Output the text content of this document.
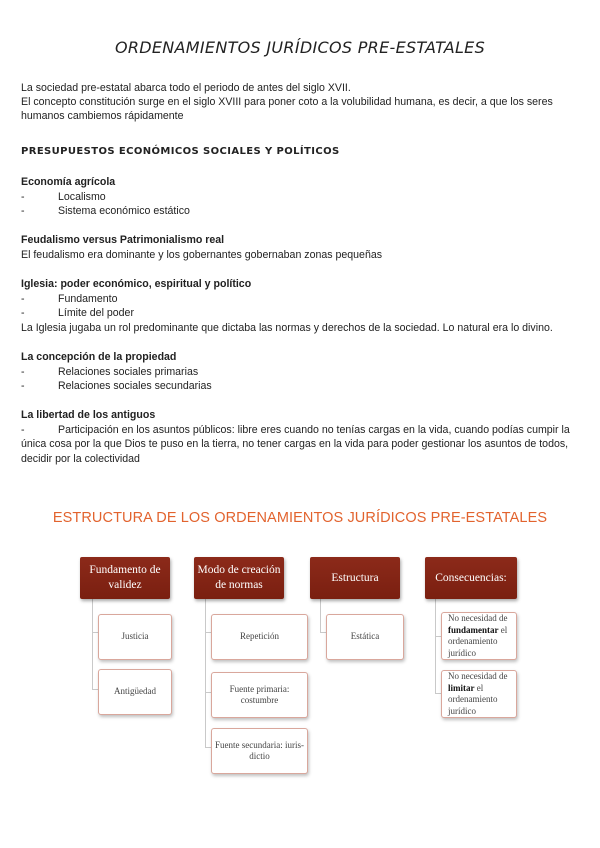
ORDENAMIENTOS JURÍDICOS PRE-ESTATALES

La sociedad pre-estatal abarca todo el periodo de antes del siglo XVII.

El concepto constitución surge en el siglo XVIII para poner coto a la volubilidad humana, es decir, a que los seres humanos cambiemos rápidamente

PRESUPUESTOS ECONÓMICOS SOCIALES Y POLÍTICOS
Economía agrícola
-	Localismo
-	Sistema económico estático
Feudalismo versus Patrimonialismo real
El feudalismo era dominante y los gobernantes gobernaban zonas pequeñas
Iglesia: poder económico, espiritual y político
-	Fundamento
-	Límite del poder
La Iglesia jugaba un rol predominante que dictaba las normas y derechos de la sociedad. Lo natural era lo divino.
La concepción de la propiedad
-	Relaciones sociales primarias
-	Relaciones sociales secundarias
La libertad de los antiguos
-	Participación en los asuntos públicos: libre eres cuando no tenías cargas en la vida, cuando podías cumpir la única cosa por la que Dios te puso en la tierra, no tener cargas en la vida para poder gestionar los asuntos de todos, decidir por la colectividad
ESTRUCTURA DE LOS ORDENAMIENTOS JURÍDICOS PRE-ESTATALES
Fundamento de validez
Modo de creación de normas
Estructura	Consecuencias:
Justicia
Antigüedad
Repetición
Fuente primaria: costumbre
Fuente secundaria: iuris-dictio
Estática
No necesidad de fundamentar el ordenamiento jurídico
No necesidad de limitar el ordenamiento jurídico
